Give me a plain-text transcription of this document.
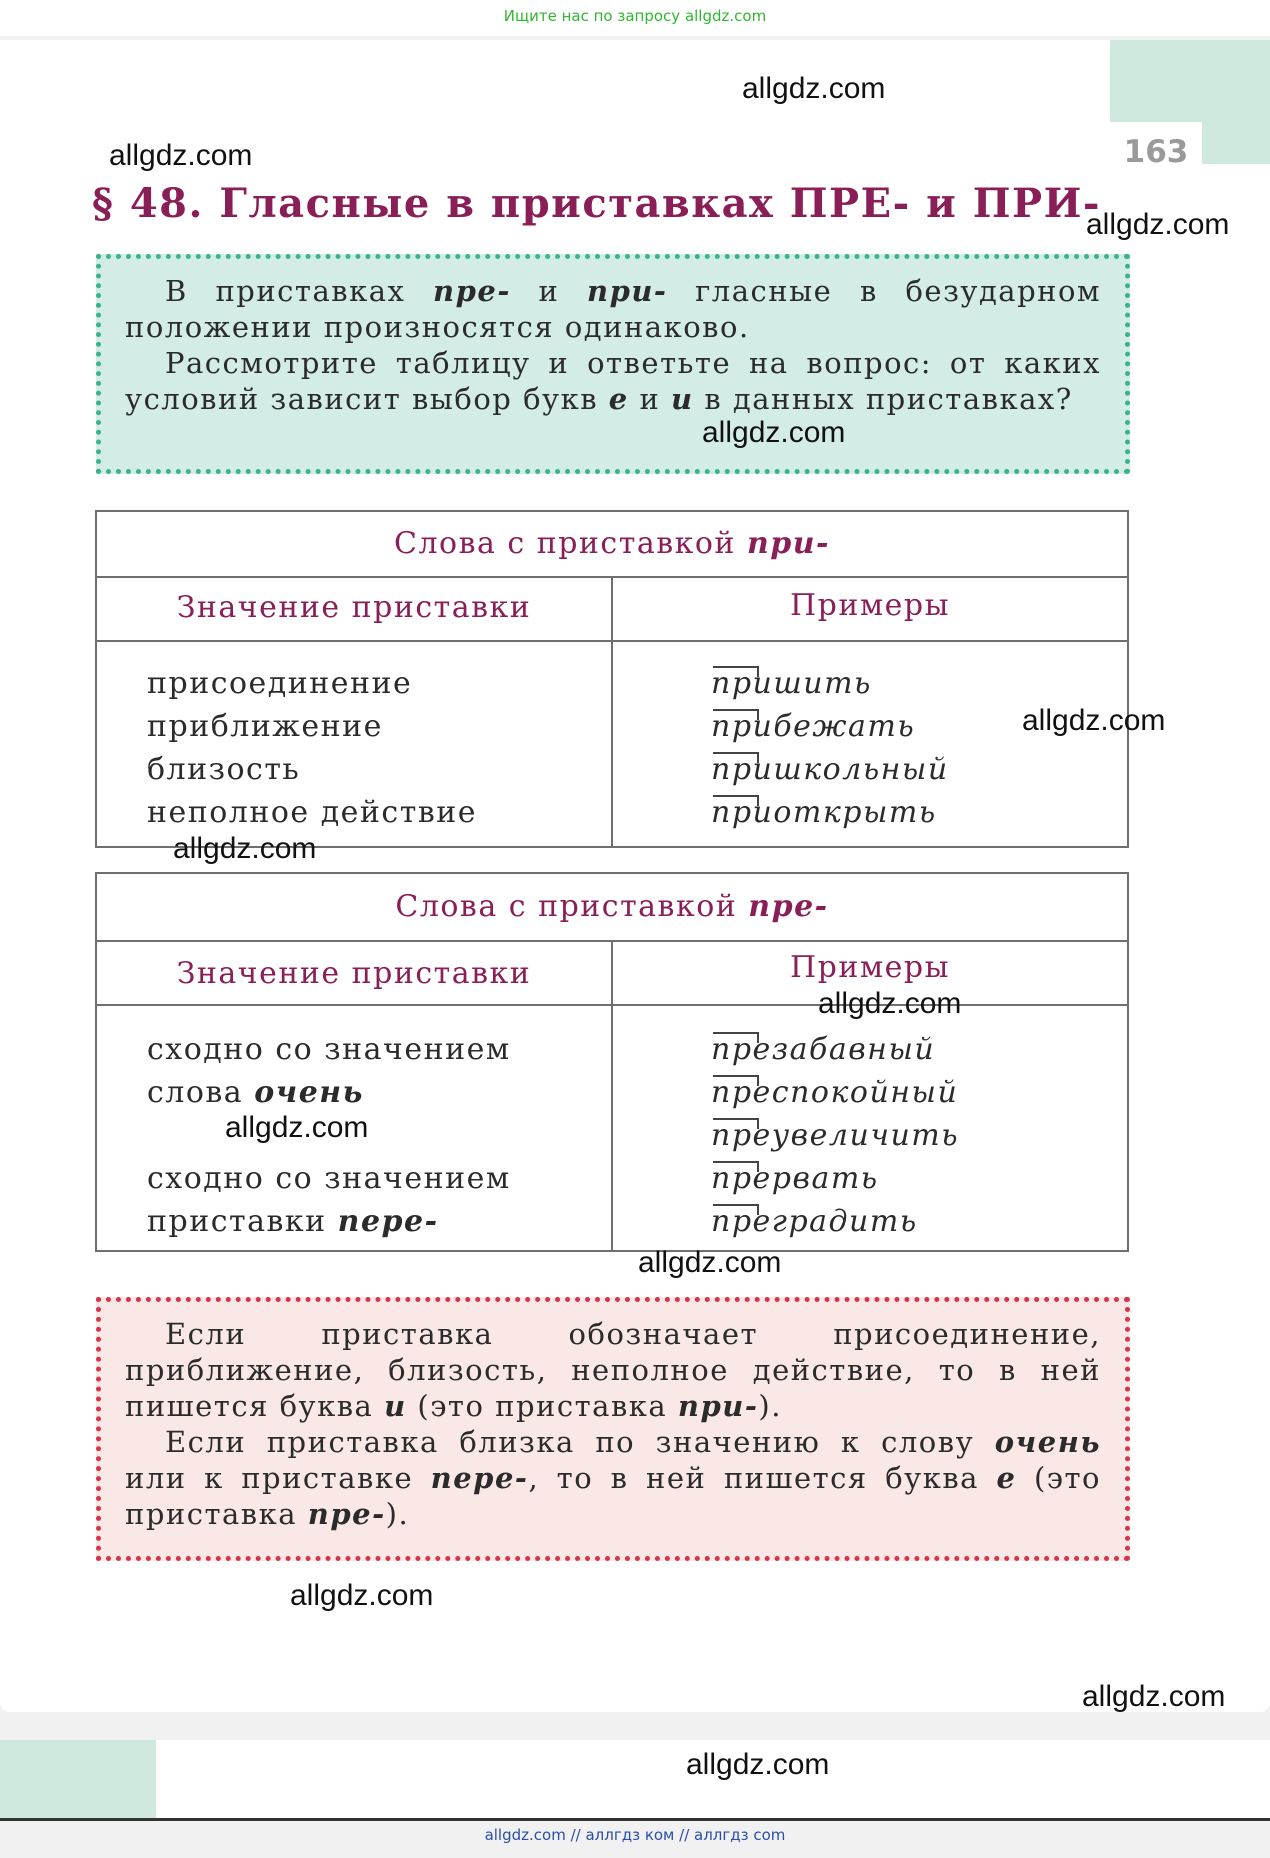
Ищите нас по запросу allgdz.com
163
§ 48. Гласные в приставках ПРЕ- и ПРИ-

В приставках пре- и при- гласные в безударном положении произносятся одинаково.

Рассмотрите таблицу и ответьте на вопрос: от каких условий зависит выбор букв е и и в данных приставках?

Слова с приставкой при-
Значение приставки	Примеры
присоединение
приближение
близость
неполное действие
пришить
прибежать
пришкольный
приоткрыть
Слова с приставкой пре-
Значение приставки	Примеры
сходно со значением
слова очень
сходно со значением
приставки пере-
презабавный
преспокойный
преувеличить
прервать
преградить

Если приставка обозначает присоединение, приближение, близость, неполное действие, то в ней пишется буква и (это приставка при-).

Если приставка близка по значению к слову очень или к приставке пере-, то в ней пишется буква е (это приставка пре-).

allgdz.com // аллгдз ком // аллгдз com
allgdz.com
allgdz.com
allgdz.com
allgdz.com
allgdz.com
allgdz.com
allgdz.com
allgdz.com
allgdz.com
allgdz.com
allgdz.com
allgdz.com
